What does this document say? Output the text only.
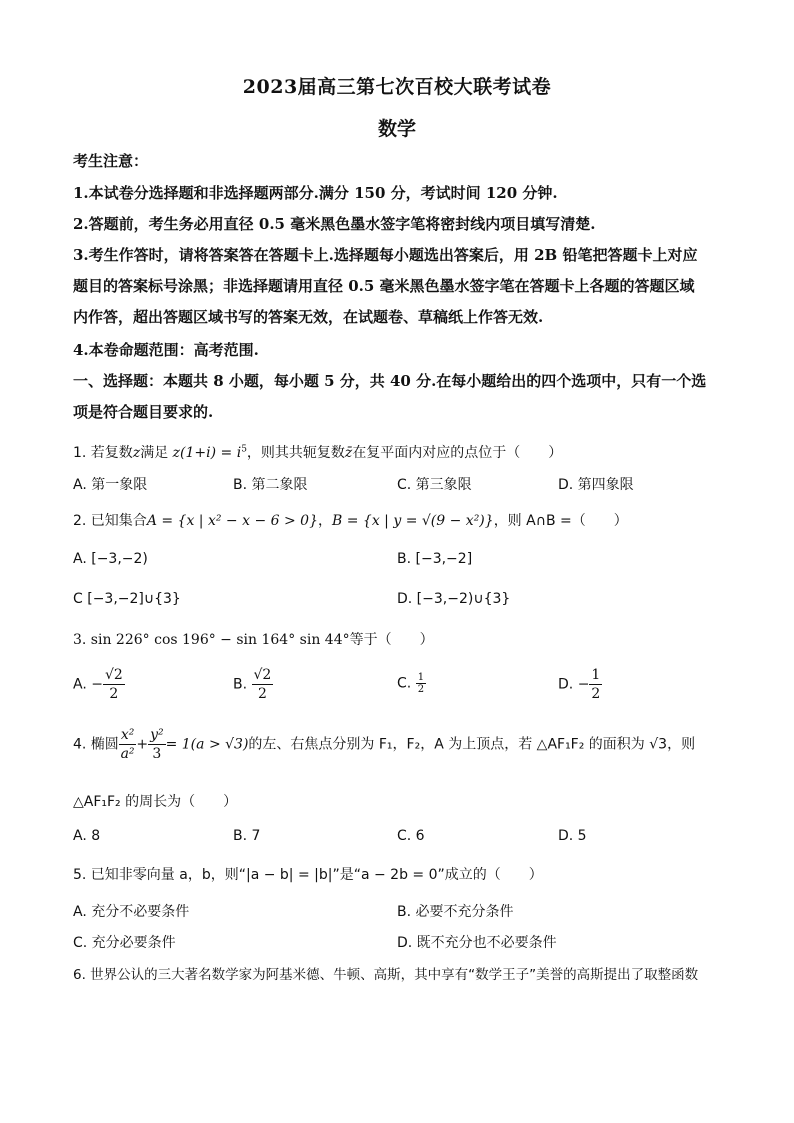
2023届高三第七次百校大联考试卷
数学
考生注意：
1.本试卷分选择题和非选择题两部分.满分 150 分，考试时间 120 分钟.
2.答题前，考生务必用直径 0.5 毫米黑色墨水签字笔将密封线内项目填写清楚.
3.考生作答时，请将答案答在答题卡上.选择题每小题选出答案后，用 2B 铅笔把答题卡上对应
题目的答案标号涂黑；非选择题请用直径 0.5 毫米黑色墨水签字笔在答题卡上各题的答题区域
内作答，超出答题区域书写的答案无效，在试题卷、草稿纸上作答无效.
4.本卷命题范围：高考范围.
一、选择题：本题共 8 小题，每小题 5 分，共 40 分.在每小题给出的四个选项中，只有一个选
项是符合题目要求的.
1. 若复数z满足 $z(1+i) = i^5$，则其共轭复数z̄在复平面内对应的点位于（　　）
A. 第一象限	B. 第二象限	C. 第三象限	D. 第四象限
2. 已知集合A = {x | x² − x − 6 > 0}，B = {x | y = √(9 − x²)}，则 A∩B =（　　）
A. [−3,−2)	B. [−3,−2]
C [−3,−2]∪{3}	D. [−3,−2)∪{3}
3. sin 226° cos 196° − sin 164° sin 44°等于（　　）
A. − $\frac{√2}{2}$	B. $\frac{√2}{2}$	C. $\frac{1}{2}$	D. − $\frac{1}{2}$
4. 椭圆 $\frac{\text{x²}}{\text{a²}} + \frac{\text{y²}}{3} = 1(a > √3)$的左、右焦点分别为 F₁，F₂，A 为上顶点，若 △AF₁F₂ 的面积为 √3，则
△AF₁F₂ 的周长为（　　）
A. 8	B. 7	C. 6	D. 5
5. 已知非零向量 a，b，则“|a − b| = |b|”是“a − 2b = 0”成立的（　　）
A. 充分不必要条件	B. 必要不充分条件
C. 充分必要条件	D. 既不充分也不必要条件
6. 世界公认的三大著名数学家为阿基米德、牛顿、高斯，其中享有“数学王子”美誉的高斯提出了取整函数
